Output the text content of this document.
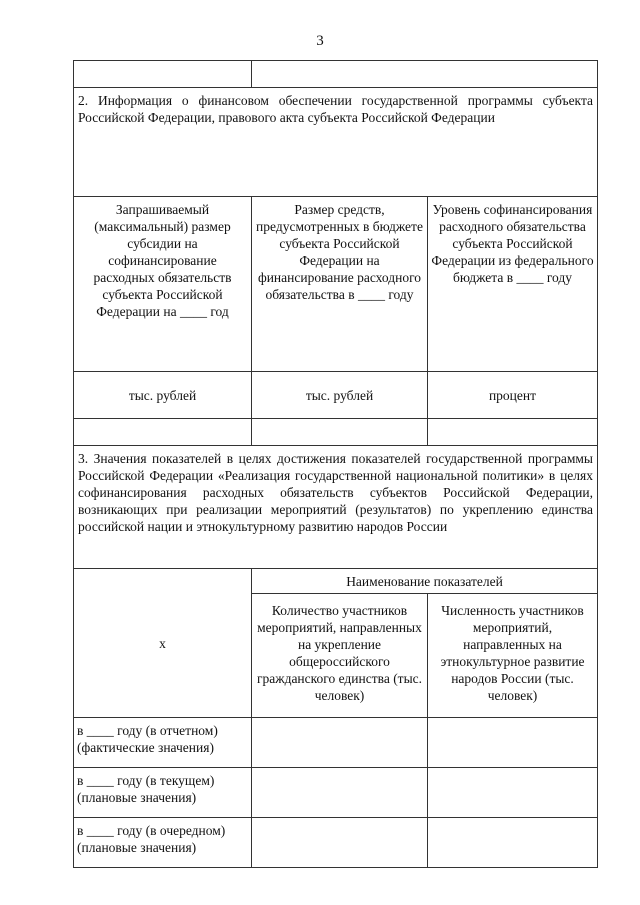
3

2. Информация о финансовом обеспечении государственной программы субъекта Российской Федерации, правового акта субъекта Российской Федерации		
Запрашиваемый (максимальный) размер субсидии на софинансирование расходных обязательств субъекта Российской Федерации на ____ год	Размер средств, предусмотренных в бюджете субъекта Российской Федерации на финансирование расходного обязательства в ____ году	Уровень софинансирования расходного обязательства субъекта Российской Федерации из федерального бюджета в ____ году
тыс. рублей	тыс. рублей	процент

3. Значения показателей в целях достижения показателей государственной программы Российской Федерации «Реализация государственной национальной политики» в целях софинансирования расходных обязательств субъектов Российской Федерации, возникающих при реализации мероприятий (результатов) по укреплению единства российской нации и этнокультурному развитию народов России		
х	Наименование показателей	
	Количество участников мероприятий, направленных на укрепление общероссийского гражданского единства (тыс. человек)	Численность участников мероприятий, направленных на этнокультурное развитие народов России (тыс. человек)
в ____ году (в отчетном) (фактические значения)		
в ____ году (в текущем) (плановые значения)		
в ____ году (в очередном) (плановые значения)		
